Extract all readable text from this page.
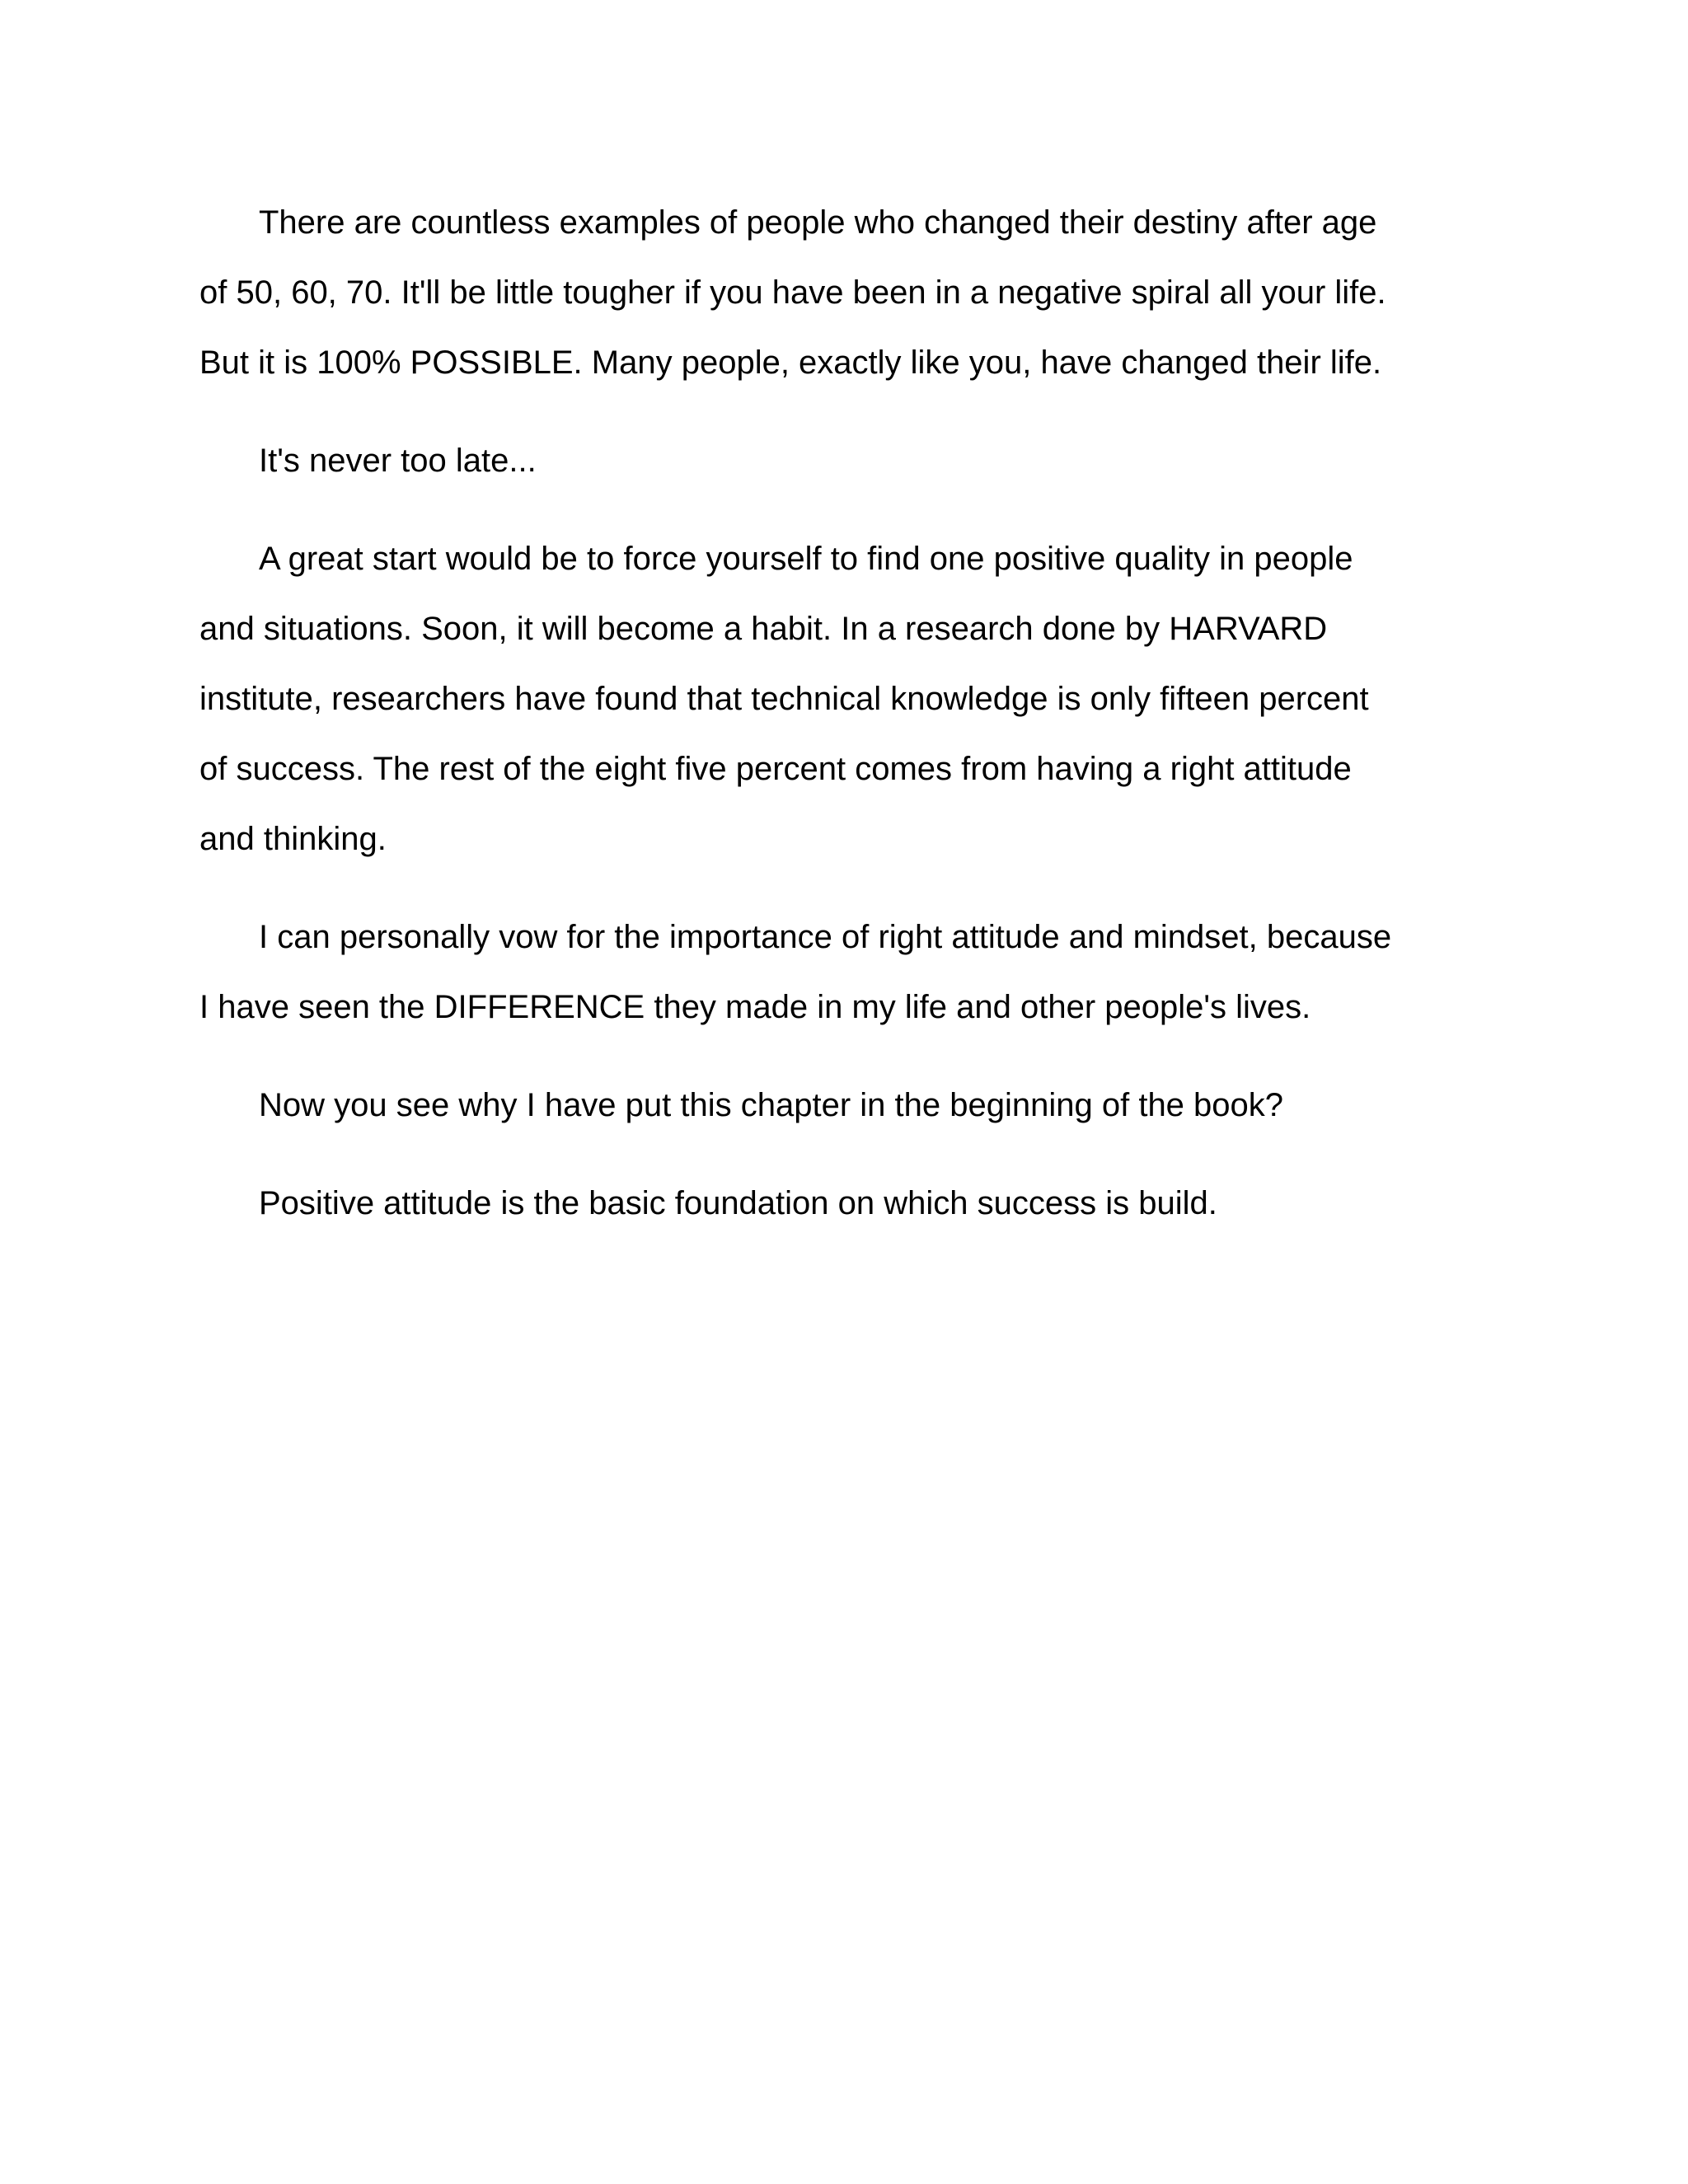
There are countless examples of people who changed their destiny after age
of 50, 60, 70. It'll be little tougher if you have been in a negative spiral all your life.
But it is 100% POSSIBLE. Many people, exactly like you, have changed their life.
It's never too late...
A great start would be to force yourself to find one positive quality in people
and situations. Soon, it will become a habit. In a research done by HARVARD
institute, researchers have found that technical knowledge is only fifteen percent
of success. The rest of the eight five percent comes from having a right attitude
and thinking.
I can personally vow for the importance of right attitude and mindset, because
I have seen the DIFFERENCE they made in my life and other people's lives.
Now you see why I have put this chapter in the beginning of the book?
Positive attitude is the basic foundation on which success is build.
